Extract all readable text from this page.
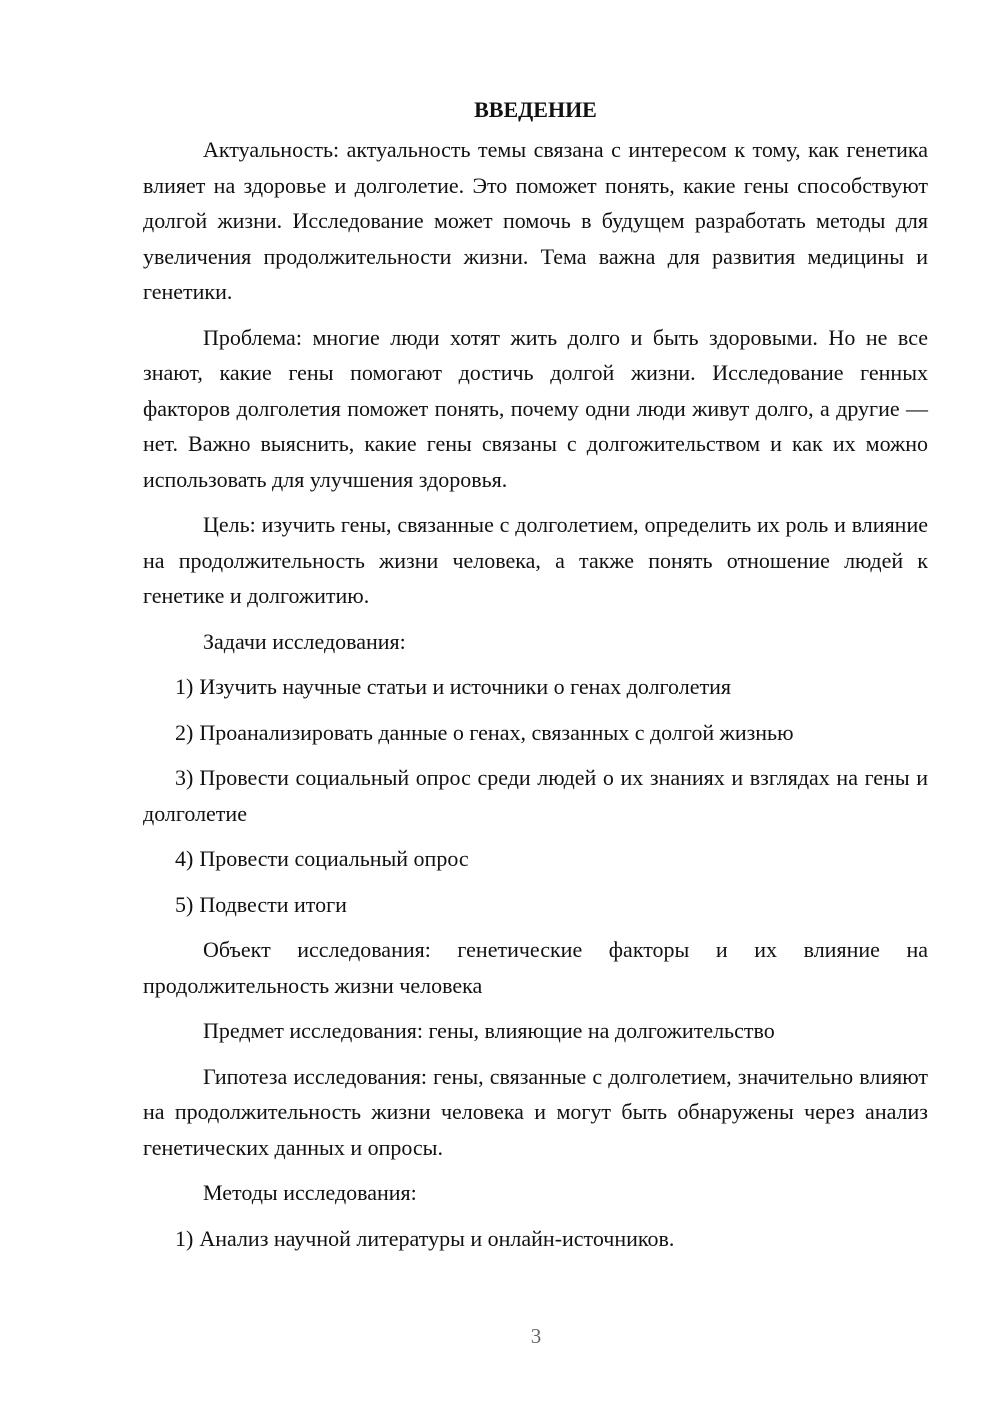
ВВЕДЕНИЕ

Актуальность: актуальность темы связана с интересом к тому, как генетика влияет на здоровье и долголетие. Это поможет понять, какие гены способствуют долгой жизни. Исследование может помочь в будущем разработать методы для увеличения продолжительности жизни. Тема важна для развития медицины и генетики.

Проблема: многие люди хотят жить долго и быть здоровыми. Но не все знают, какие гены помогают достичь долгой жизни. Исследование генных факторов долголетия поможет понять, почему одни люди живут долго, а другие — нет. Важно выяснить, какие гены связаны с долгожительством и как их можно использовать для улучшения здоровья.

Цель: изучить гены, связанные с долголетием, определить их роль и влияние на продолжительность жизни человека, а также понять отношение людей к генетике и долгожитию.

Задачи исследования:

1) Изучить научные статьи и источники о генах долголетия

2) Проанализировать данные о генах, связанных с долгой жизнью

3) Провести социальный опрос среди людей о их знаниях и взглядах на гены и долголетие

4) Провести социальный опрос

5) Подвести итоги

Объект исследования: генетические факторы и их влияние на продолжительность жизни человека

Предмет исследования: гены, влияющие на долгожительство

Гипотеза исследования: гены, связанные с долголетием, значительно влияют на продолжительность жизни человека и могут быть обнаружены через анализ генетических данных и опросы.

Методы исследования:

1) Анализ научной литературы и онлайн-источников.

3
